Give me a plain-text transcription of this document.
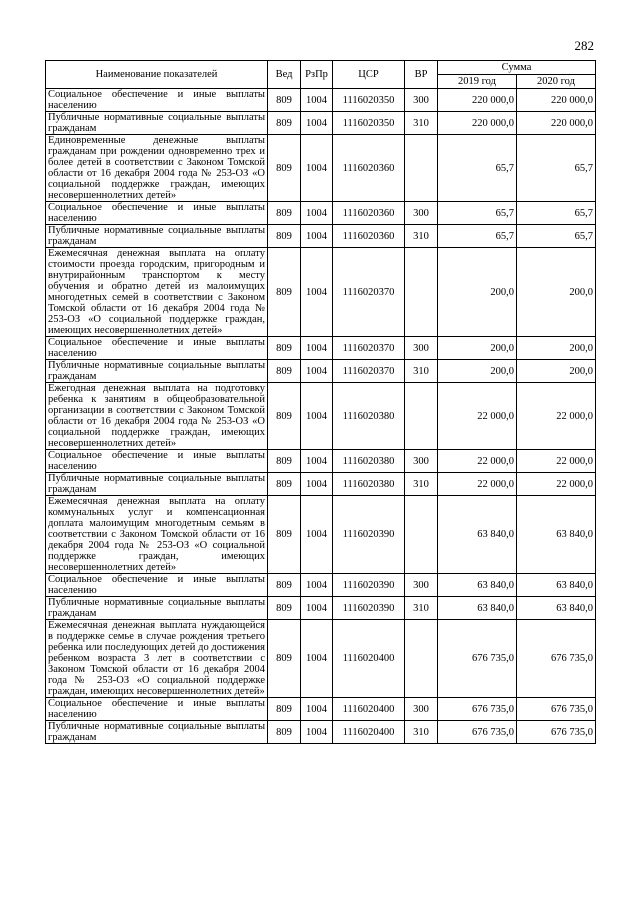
282
Наименование показателей	Вед	РзПр	ЦСР	ВР	Сумма	
					2019 год	2020 год
Социальное обеспечение и иные выплаты населению	809	1004	1116020350	300	220 000,0	220 000,0
Публичные нормативные социальные выплаты гражданам	809	1004	1116020350	310	220 000,0	220 000,0
Единовременные денежные выплаты гражданам при рождении одновременно трех и более детей в соответствии с Законом Томской области от 16 декабря 2004 года № 253-ОЗ «О социальной поддержке граждан, имеющих несовершеннолетних детей»	809	1004	1116020360		65,7	65,7
Социальное обеспечение и иные выплаты населению	809	1004	1116020360	300	65,7	65,7
Публичные нормативные социальные выплаты гражданам	809	1004	1116020360	310	65,7	65,7
Ежемесячная денежная выплата на оплату стоимости проезда городским, пригородным и внутрирайонным транспортом к месту обучения и обратно детей из малоимущих многодетных семей в соответствии с Законом Томской области от 16 декабря 2004 года № 253-ОЗ «О социальной поддержке граждан, имеющих несовершеннолетних детей»	809	1004	1116020370		200,0	200,0
Социальное обеспечение и иные выплаты населению	809	1004	1116020370	300	200,0	200,0
Публичные нормативные социальные выплаты гражданам	809	1004	1116020370	310	200,0	200,0
Ежегодная денежная выплата на подготовку ребенка к занятиям в общеобразовательной организации в соответствии с Законом Томской области от 16 декабря 2004 года № 253-ОЗ «О социальной поддержке граждан, имеющих несовершеннолетних детей»	809	1004	1116020380		22 000,0	22 000,0
Социальное обеспечение и иные выплаты населению	809	1004	1116020380	300	22 000,0	22 000,0
Публичные нормативные социальные выплаты гражданам	809	1004	1116020380	310	22 000,0	22 000,0
Ежемесячная денежная выплата на оплату коммунальных услуг и компенсационная доплата малоимущим многодетным семьям в соответствии с Законом Томской области от 16 декабря 2004 года № 253-ОЗ «О социальной поддержке граждан, имеющих несовершеннолетних детей»	809	1004	1116020390		63 840,0	63 840,0
Социальное обеспечение и иные выплаты населению	809	1004	1116020390	300	63 840,0	63 840,0
Публичные нормативные социальные выплаты гражданам	809	1004	1116020390	310	63 840,0	63 840,0
Ежемесячная денежная выплата нуждающейся в поддержке семье в случае рождения третьего ребенка или последующих детей до достижения ребенком возраста 3 лет в соответствии с Законом Томской области от 16 декабря 2004 года № 253-ОЗ «О социальной поддержке граждан, имеющих несовершеннолетних детей»	809	1004	1116020400		676 735,0	676 735,0
Социальное обеспечение и иные выплаты населению	809	1004	1116020400	300	676 735,0	676 735,0
Публичные нормативные социальные выплаты гражданам	809	1004	1116020400	310	676 735,0	676 735,0
